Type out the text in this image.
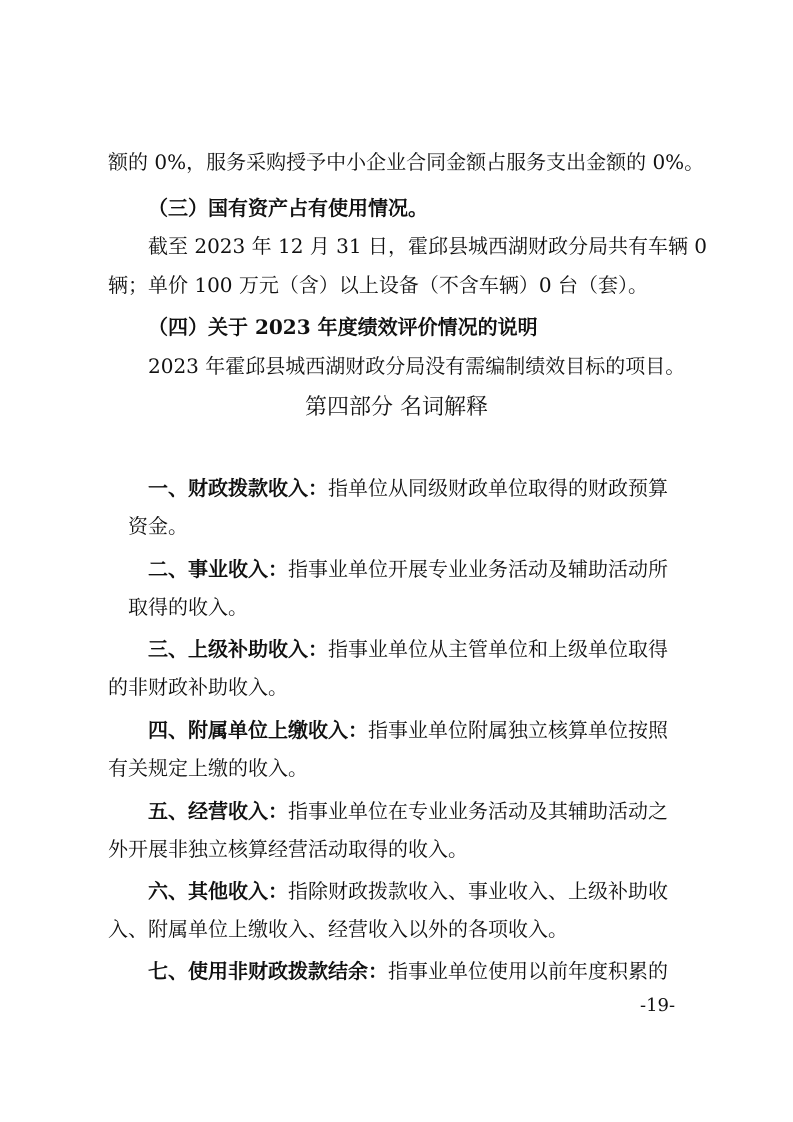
额的 0%，服务采购授予中小企业合同金额占服务支出金额的 0%。
（三）国有资产占有使用情况。
截至 2023 年 12 月 31 日，霍邱县城西湖财政分局共有车辆 0
辆；单价 100 万元（含）以上设备（不含车辆）0 台（套）。
（四）关于 2023 年度绩效评价情况的说明
2023 年霍邱县城西湖财政分局没有需编制绩效目标的项目。
第四部分 名词解释
一、财政拨款收入：指单位从同级财政单位取得的财政预算
资金。
二、事业收入：指事业单位开展专业业务活动及辅助活动所
取得的收入。
三、上级补助收入：指事业单位从主管单位和上级单位取得
的非财政补助收入。
四、附属单位上缴收入：指事业单位附属独立核算单位按照
有关规定上缴的收入。
五、经营收入：指事业单位在专业业务活动及其辅助活动之
外开展非独立核算经营活动取得的收入。
六、其他收入：指除财政拨款收入、事业收入、上级补助收
入、附属单位上缴收入、经营收入以外的各项收入。
七、使用非财政拨款结余：指事业单位使用以前年度积累的
-19-
